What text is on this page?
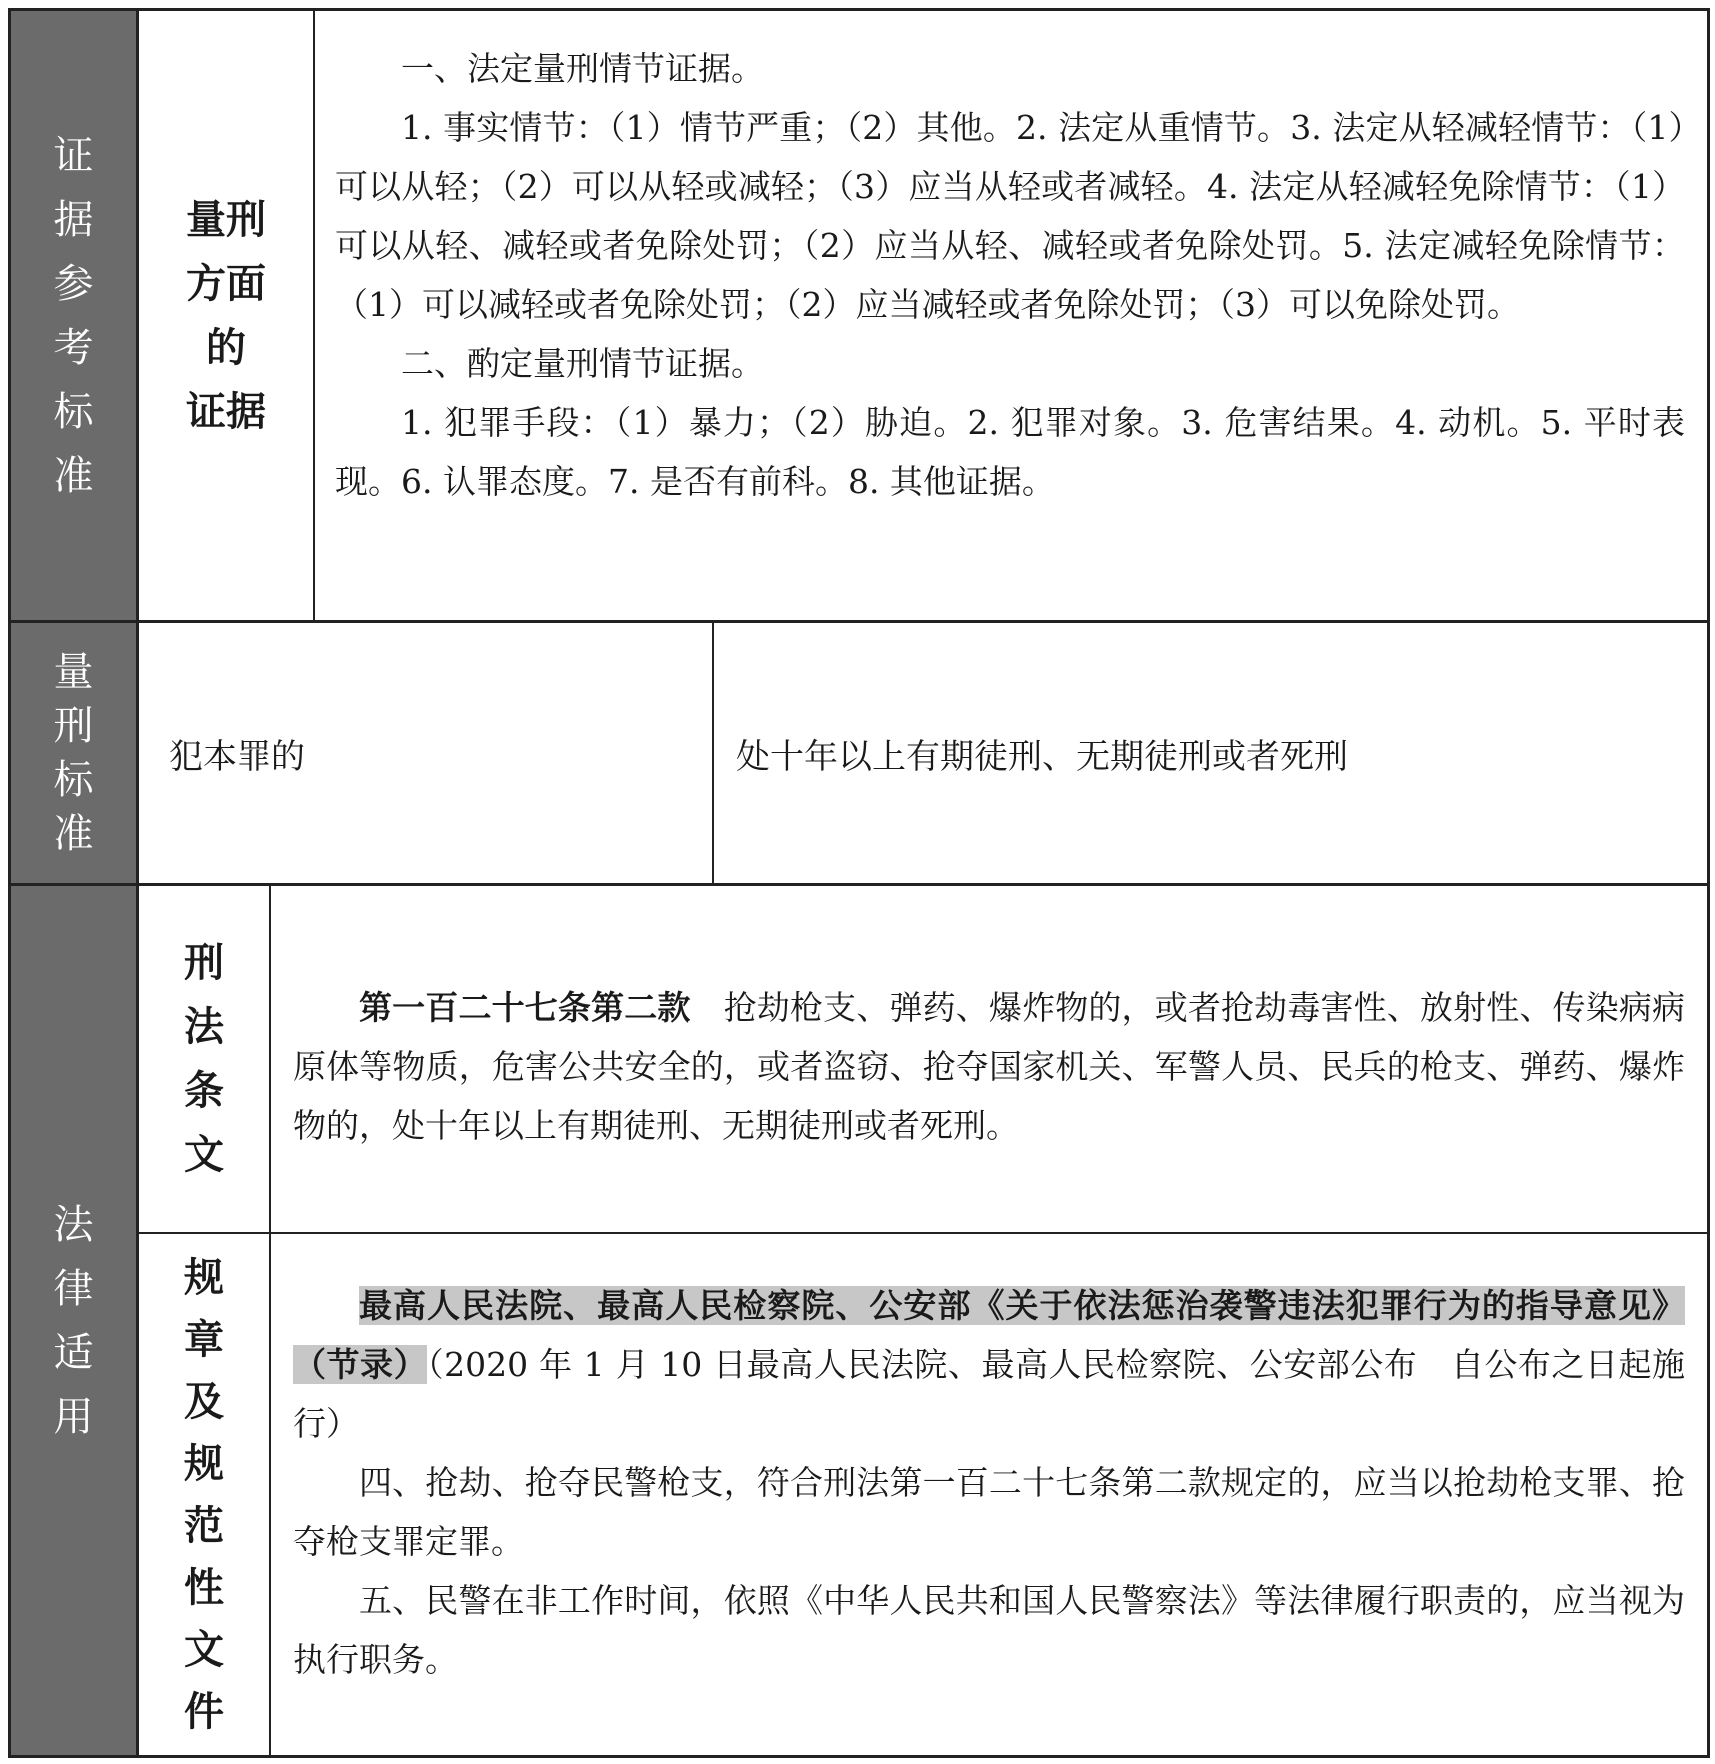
证
据
参
考
标
准
量刑
方面
的
证据

一、法定量刑情节证据。

1. 事实情节：（1）情节严重；（2）其他。2. 法定从重情节。3. 法定从轻减轻情节：（1）可以从轻；（2）可以从轻或减轻；（3）应当从轻或者减轻。4. 法定从轻减轻免除情节：（1）可以从轻、减轻或者免除处罚；（2）应当从轻、减轻或者免除处罚。5. 法定减轻免除情节：（1）可以减轻或者免除处罚；（2）应当减轻或者免除处罚；（3）可以免除处罚。

二、酌定量刑情节证据。

1. 犯罪手段：（1）暴力；（2）胁迫。2. 犯罪对象。3. 危害结果。4. 动机。5. 平时表现。6. 认罪态度。7. 是否有前科。8. 其他证据。

量
刑
标
准
犯本罪的	处十年以上有期徒刑、无期徒刑或者死刑
法
律
适
用
刑
法
条
文

第一百二十七条第二款　 抢劫枪支、弹药、爆炸物的，或者抢劫毒害性、放射性、传染病病原体等物质，危害公共安全的，或者盗窃、抢夺国家机关、军警人员、民兵的枪支、弹药、爆炸物的，处十年以上有期徒刑、无期徒刑或者死刑。

规
章
及
规
范
性
文
件

最高人民法院、最高人民检察院、公安部《关于依法惩治袭警违法犯罪行为的指导意见》（节录）（2020 年 1 月 10 日最高人民法院、最高人民检察院、公安部公布　自公布之日起施行）

四、抢劫、抢夺民警枪支，符合刑法第一百二十七条第二款规定的，应当以抢劫枪支罪、抢夺枪支罪定罪。

五、民警在非工作时间，依照《中华人民共和国人民警察法》等法律履行职责的，应当视为执行职务。
